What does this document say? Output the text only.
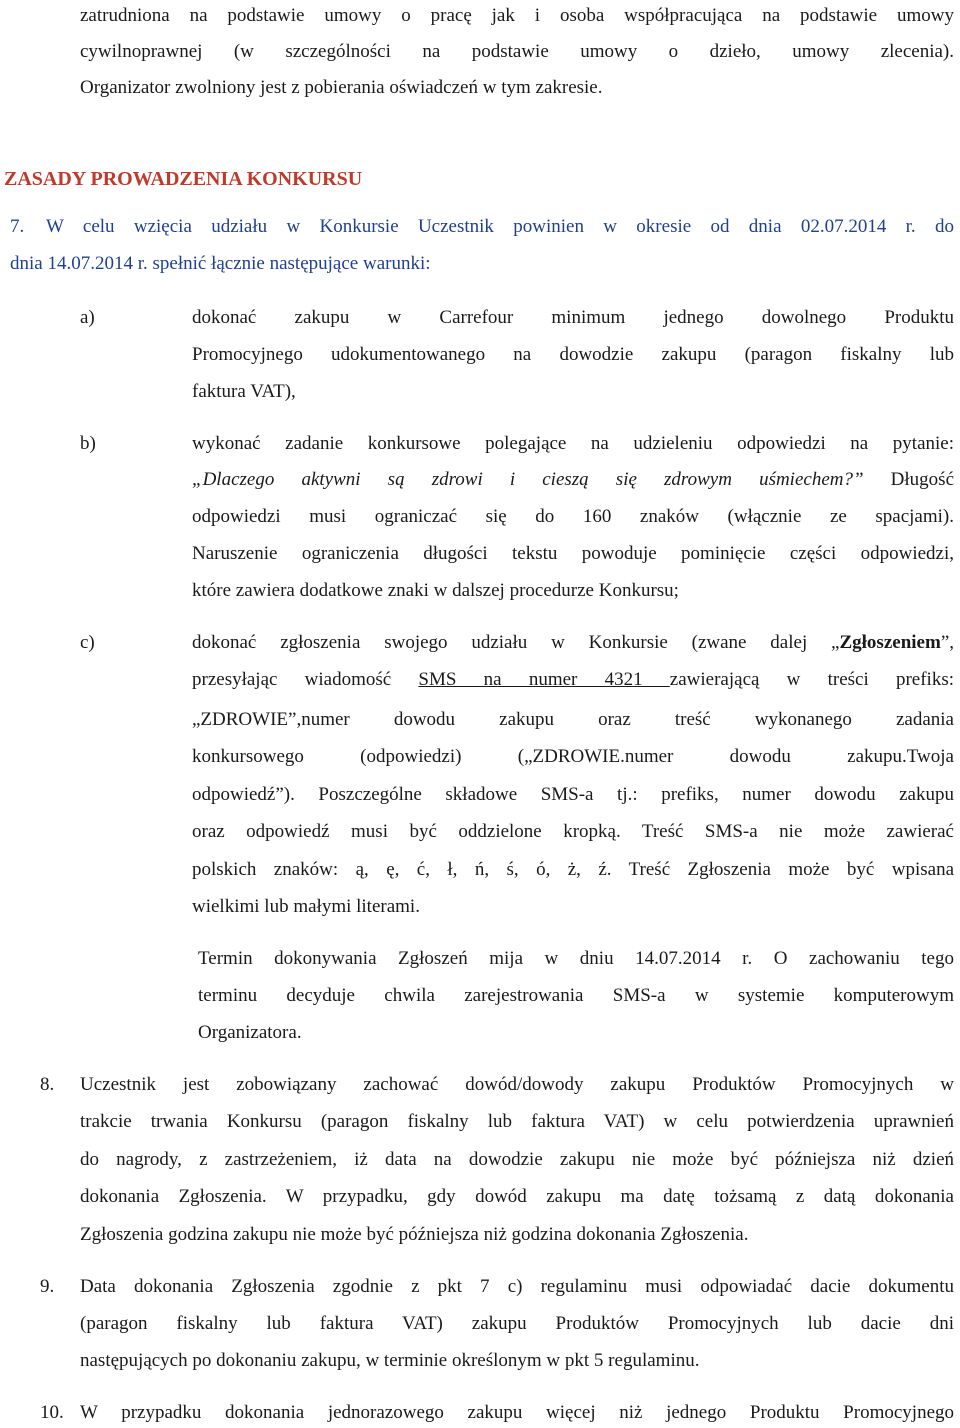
zatrudniona na podstawie umowy o pracę jak i osoba współpracująca na podstawie umowy
cywilnoprawnej (w szczególności na podstawie umowy o dzieło, umowy zlecenia).
Organizator zwolniony jest z pobierania oświadczeń w tym zakresie.
ZASADY PROWADZENIA KONKURSU
7. W celu wzięcia udziału w Konkursie Uczestnik powinien w okresie od dnia 02.07.2014 r. do
dnia 14.07.2014 r. spełnić łącznie następujące warunki:
a)	dokonać zakupu w Carrefour minimum jednego dowolnego Produktu
Promocyjnego udokumentowanego na dowodzie zakupu (paragon fiskalny lub
faktura VAT),
b)	wykonać zadanie konkursowe polegające na udzieleniu odpowiedzi na pytanie:
„Dlaczego aktywni są zdrowi i cieszą się zdrowym uśmiechem?” Długość
odpowiedzi musi ograniczać się do 160 znaków (włącznie ze spacjami).
Naruszenie ograniczenia długości tekstu powoduje pominięcie części odpowiedzi,
które zawiera dodatkowe znaki w dalszej procedurze Konkursu;
c)	dokonać zgłoszenia swojego udziału w Konkursie (zwane dalej „Zgłoszeniem”,
przesyłając wiadomość SMS na numer 4321 zawierającą w treści prefiks:
„ZDROWIE”,numer dowodu zakupu oraz treść wykonanego zadania
konkursowego (odpowiedzi) („ZDROWIE.numer dowodu zakupu.Twoja
odpowiedź”). Poszczególne składowe SMS-a tj.: prefiks, numer dowodu zakupu
oraz odpowiedź musi być oddzielone kropką. Treść SMS-a nie może zawierać
polskich znaków: ą, ę, ć, ł, ń, ś, ó, ż, ź. Treść Zgłoszenia może być wpisana
wielkimi lub małymi literami.
Termin dokonywania Zgłoszeń mija w dniu 14.07.2014 r. O zachowaniu tego
terminu decyduje chwila zarejestrowania SMS-a w systemie komputerowym
Organizatora.
8. Uczestnik jest zobowiązany zachować dowód/dowody zakupu Produktów Promocyjnych w
trakcie trwania Konkursu (paragon fiskalny lub faktura VAT) w celu potwierdzenia uprawnień
do nagrody, z zastrzeżeniem, iż data na dowodzie zakupu nie może być późniejsza niż dzień
dokonania Zgłoszenia. W przypadku, gdy dowód zakupu ma datę tożsamą z datą dokonania
Zgłoszenia godzina zakupu nie może być późniejsza niż godzina dokonania Zgłoszenia.
9. Data dokonania Zgłoszenia zgodnie z pkt 7 c) regulaminu musi odpowiadać dacie dokumentu
(paragon fiskalny lub faktura VAT) zakupu Produktów Promocyjnych lub dacie dni
następujących po dokonaniu zakupu, w terminie określonym w pkt 5 regulaminu.
10. W przypadku dokonania jednorazowego zakupu więcej niż jednego Produktu Promocyjnego
